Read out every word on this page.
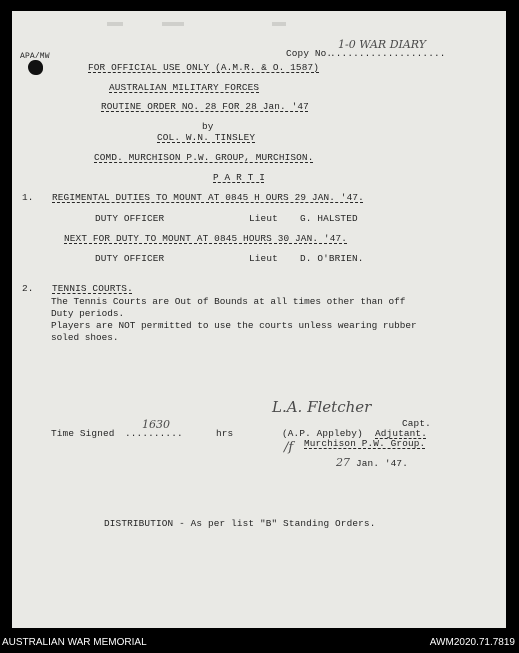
APA/MW	Copy No.
....................
1-0 WAR DIARY
FOR OFFICIAL USE ONLY (A.M.R. & O. 1587)
AUSTRALIAN MILITARY FORCES
ROUTINE ORDER NO. 28 FOR 28 Jan. '47
by
COL. W.N. TINSLEY
COMD. MURCHISON P.W. GROUP, MURCHISON.
P A R T I
1. REGIMENTAL DUTIES TO MOUNT AT 0845 H OURS 29 JAN. '47.
DUTY OFFICER	Lieut G. HALSTED
NEXT FOR DUTY TO MOUNT AT 0845 HOURS 30 JAN. '47.
DUTY OFFICER	Lieut D. O'BRIEN.
2. TENNIS COURTS.
The Tennis Courts are Out of Bounds at all times other than off
Duty periods.
Players are NOT permitted to use the courts unless wearing rubber
soled shoes.
Time Signed ..........
1630
hrs
L.A. Fletcher
Capt.
(A.P. Appleby) Adjutant.
/f Murchison P.W. Group.
27 Jan. '47.
DISTRIBUTION - As per list "B" Standing Orders.
AUSTRALIAN WAR MEMORIAL	AWM2020.71.7819
